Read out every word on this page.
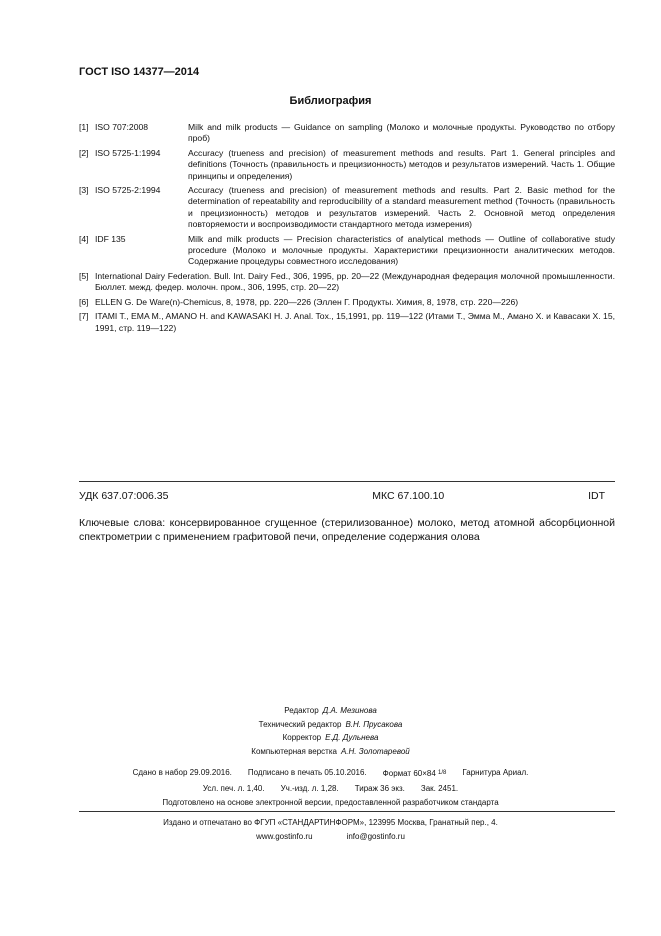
ГОСТ ISO 14377—2014
Библиография
[1] ISO 707:2008	Milk and milk products — Guidance on sampling (Молоко и молочные продукты. Руководство по отбору проб)
[2] ISO 5725-1:1994	Accuracy (trueness and precision) of measurement methods and results. Part 1. General principles and definitions (Точность (правильность и прецизионность) методов и результатов измерений. Часть 1. Общие принципы и определения)
[3] ISO 5725-2:1994	Accuracy (trueness and precision) of measurement methods and results. Part 2. Basic method for the determination of repeatability and reproducibility of a standard measurement method (Точность (правильность и прецизионность) методов и результатов измерений. Часть 2. Основной метод определения повторяемости и воспроизводимости стандартного метода измерения)
[4] IDF 135	Milk and milk products — Precision characteristics of analytical methods — Outline of collaborative study procedure (Молоко и молочные продукты. Характеристики прецизионности аналитических методов. Содержание процедуры совместного исследования)
[5] International Dairy Federation. Bull. Int. Dairy Fed., 306, 1995, pp. 20—22 (Международная федерация молочной промышленности. Бюллет. межд. федер. молочн. пром., 306, 1995, стр. 20—22)
[6] ELLEN G. De Ware(n)-Chemicus, 8, 1978, pp. 220—226 (Эллен Г. Продукты. Химия, 8, 1978, стр. 220—226)
[7] ITAMI T., EMA M., AMANO H. and KAWASAKI H. J. Anal. Tox., 15,1991, pp. 119—122 (Итами Т., Эмма М., Амано Х. и Кавасаки Х. 15, 1991, стр. 119—122)
УДК 637.07:006.35	МКС 67.100.10	IDT
Ключевые слова: консервированное сгущенное (стерилизованное) молоко, метод атомной абсорбционной спектрометрии с применением графитовой печи, определение содержания олова
Редактор Д.А. Мезинова
Технический редактор В.Н. Прусакова
Корректор Е.Д. Дульнева
Компьютерная верстка А.Н. Золотаревой
Сдано в набор 29.09.2016. Подписано в печать 05.10.2016. Формат 60×84 1/8 Гарнитура Ариал.
Усл. печ. л. 1,40. Уч.-изд. л. 1,28. Тираж 36 экз. Зак. 2451.
Подготовлено на основе электронной версии, предоставленной разработчиком стандарта
Издано и отпечатано во ФГУП «СТАНДАРТИНФОРМ», 123995 Москва, Гранатный пер., 4.
www.gostinfo.ru	info@gostinfo.ru
